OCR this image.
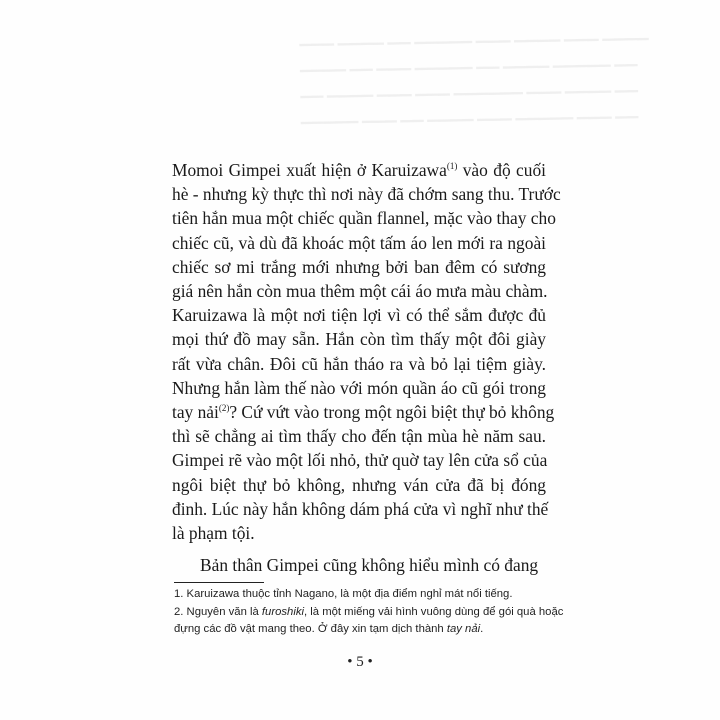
▁▁▁ ▁▁▁▁ ▁▁ ▁▁▁▁▁ ▁▁▁ ▁▁▁▁ ▁▁▁ ▁▁▁▁
▁▁▁▁ ▁▁ ▁▁▁ ▁▁▁▁▁ ▁▁ ▁▁▁▁ ▁▁▁▁▁ ▁▁
▁▁ ▁▁▁▁ ▁▁▁ ▁▁▁ ▁▁▁▁▁▁ ▁▁▁ ▁▁▁▁ ▁▁
▁▁▁▁▁ ▁▁▁ ▁▁ ▁▁▁▁ ▁▁▁ ▁▁▁▁▁ ▁▁▁ ▁▁

Momoi Gimpei xuất hiện ở Karuizawa$^{(1)}$ vào độ cuối
hè - nhưng kỳ thực thì nơi này đã chớm sang thu. Trước
tiên hắn mua một chiếc quần flannel, mặc vào thay cho
chiếc cũ, và dù đã khoác một tấm áo len mới ra ngoài
chiếc sơ mi trắng mới nhưng bởi ban đêm có sương
giá nên hắn còn mua thêm một cái áo mưa màu chàm.
Karuizawa là một nơi tiện lợi vì có thể sắm được đủ
mọi thứ đồ may sẵn. Hắn còn tìm thấy một đôi giày
rất vừa chân. Đôi cũ hắn tháo ra và bỏ lại tiệm giày.
Nhưng hắn làm thế nào với món quần áo cũ gói trong
tay nải$^{(2)}$? Cứ vứt vào trong một ngôi biệt thự bỏ không
thì sẽ chẳng ai tìm thấy cho đến tận mùa hè năm sau.
Gimpei rẽ vào một lối nhỏ, thử quờ tay lên cửa sổ của
ngôi biệt thự bỏ không, nhưng ván cửa đã bị đóng
đinh. Lúc này hắn không dám phá cửa vì nghĩ như thế
là phạm tội.

Bản thân Gimpei cũng không hiểu mình có đang

1. Karuizawa thuộc tỉnh Nagano, là một địa điểm nghỉ mát nổi tiếng.

2. Nguyên văn là furoshiki, là một miếng vải hình vuông dùng để gói quà hoặc

đựng các đồ vật mang theo. Ở đây xin tạm dịch thành tay nải.

• 5 •
